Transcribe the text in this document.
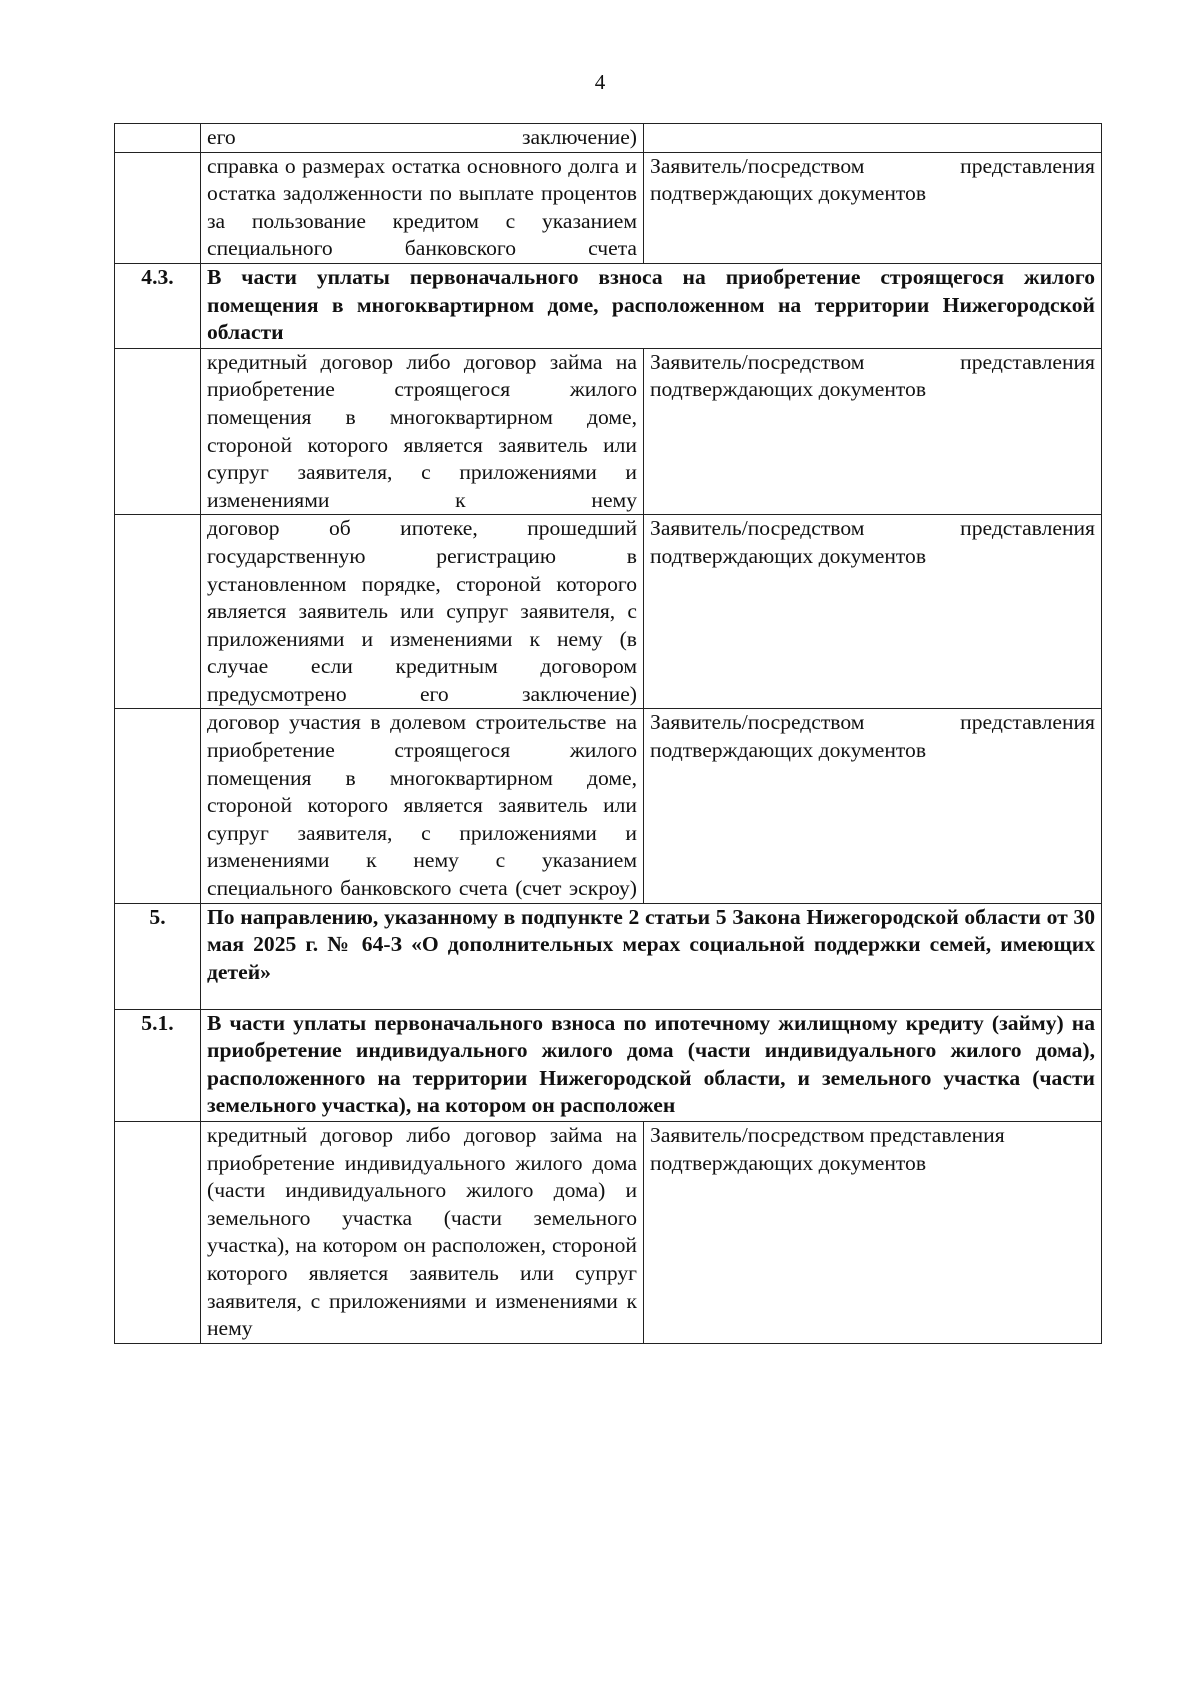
4
	его заключение)	
	справка о размерах остатка основного долга и остатка задолженности по выплате процентов за пользование кредитом с указанием специального банковского счета	Заявитель/посредством представления
подтверждающих документов

4.3.	В части уплаты первоначального взноса на приобретение строящегося жилого помещения в многоквартирном доме, расположенном на территории Нижегородской области	
	кредитный договор либо договор займа на приобретение строящегося жилого помещения в многоквартирном доме, стороной которого является заявитель или супруг заявителя, с приложениями и изменениями к нему	Заявитель/посредством представления
подтверждающих документов

	договор об ипотеке, прошедший государственную регистрацию в установленном порядке, стороной которого является заявитель или супруг заявителя, с приложениями и изменениями к нему (в случае если кредитным договором предусмотрено его заключение)	Заявитель/посредством представления
подтверждающих документов

	договор участия в долевом строительстве на приобретение строящегося жилого помещения в многоквартирном доме, стороной которого является заявитель или супруг заявителя, с приложениями и изменениями к нему с указанием специального банковского счета (счет эскроу)	Заявитель/посредством представления
подтверждающих документов

5.	По направлению, указанному в подпункте 2 статьи 5 Закона Нижегородской области от 30 мая 2025 г. № 64-З «О дополнительных мерах социальной поддержки семей, имеющих детей»	
5.1.	В части уплаты первоначального взноса по ипотечному жилищному кредиту (займу) на приобретение индивидуального жилого дома (части индивидуального жилого дома), расположенного на территории Нижегородской области, и земельного участка (части земельного участка), на котором он расположен	
	кредитный договор либо договор займа на приобретение индивидуального жилого дома (части индивидуального жилого дома) и земельного участка (части земельного участка), на котором он расположен, стороной которого является заявитель или супруг заявителя, с приложениями и изменениями к нему	Заявитель/посредством представления
подтверждающих документов
